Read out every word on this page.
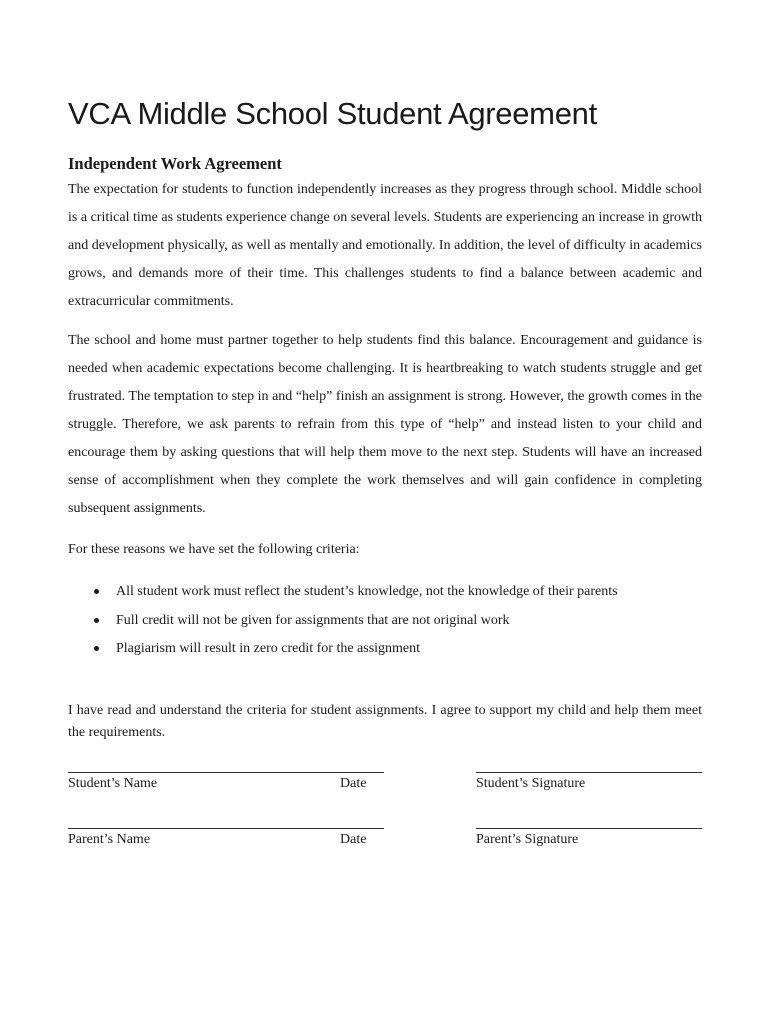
VCA Middle School Student Agreement
Independent Work Agreement

The expectation for students to function independently increases as they progress through school. Middle school is a critical time as students experience change on several levels. Students are experiencing an increase in growth and development physically, as well as mentally and emotionally. In addition, the level of difficulty in academics grows, and demands more of their time. This challenges students to find a balance between academic and extracurricular commitments.

The school and home must partner together to help students find this balance. Encouragement and guidance is needed when academic expectations become challenging. It is heartbreaking to watch students struggle and get frustrated. The temptation to step in and “help” finish an assignment is strong. However, the growth comes in the struggle. Therefore, we ask parents to refrain from this type of “help” and instead listen to your child and encourage them by asking questions that will help them move to the next step. Students will have an increased sense of accomplishment when they complete the work themselves and will gain confidence in completing subsequent assignments.

For these reasons we have set the following criteria:

All student work must reflect the student’s knowledge, not the knowledge of their parents
Full credit will not be given for assignments that are not original work
Plagiarism will result in zero credit for the assignment

I have read and understand the criteria for student assignments. I agree to support my child and help them meet the requirements.

Student’s Name	Date	Student’s Signature
Parent’s Name	Date	Parent’s Signature
